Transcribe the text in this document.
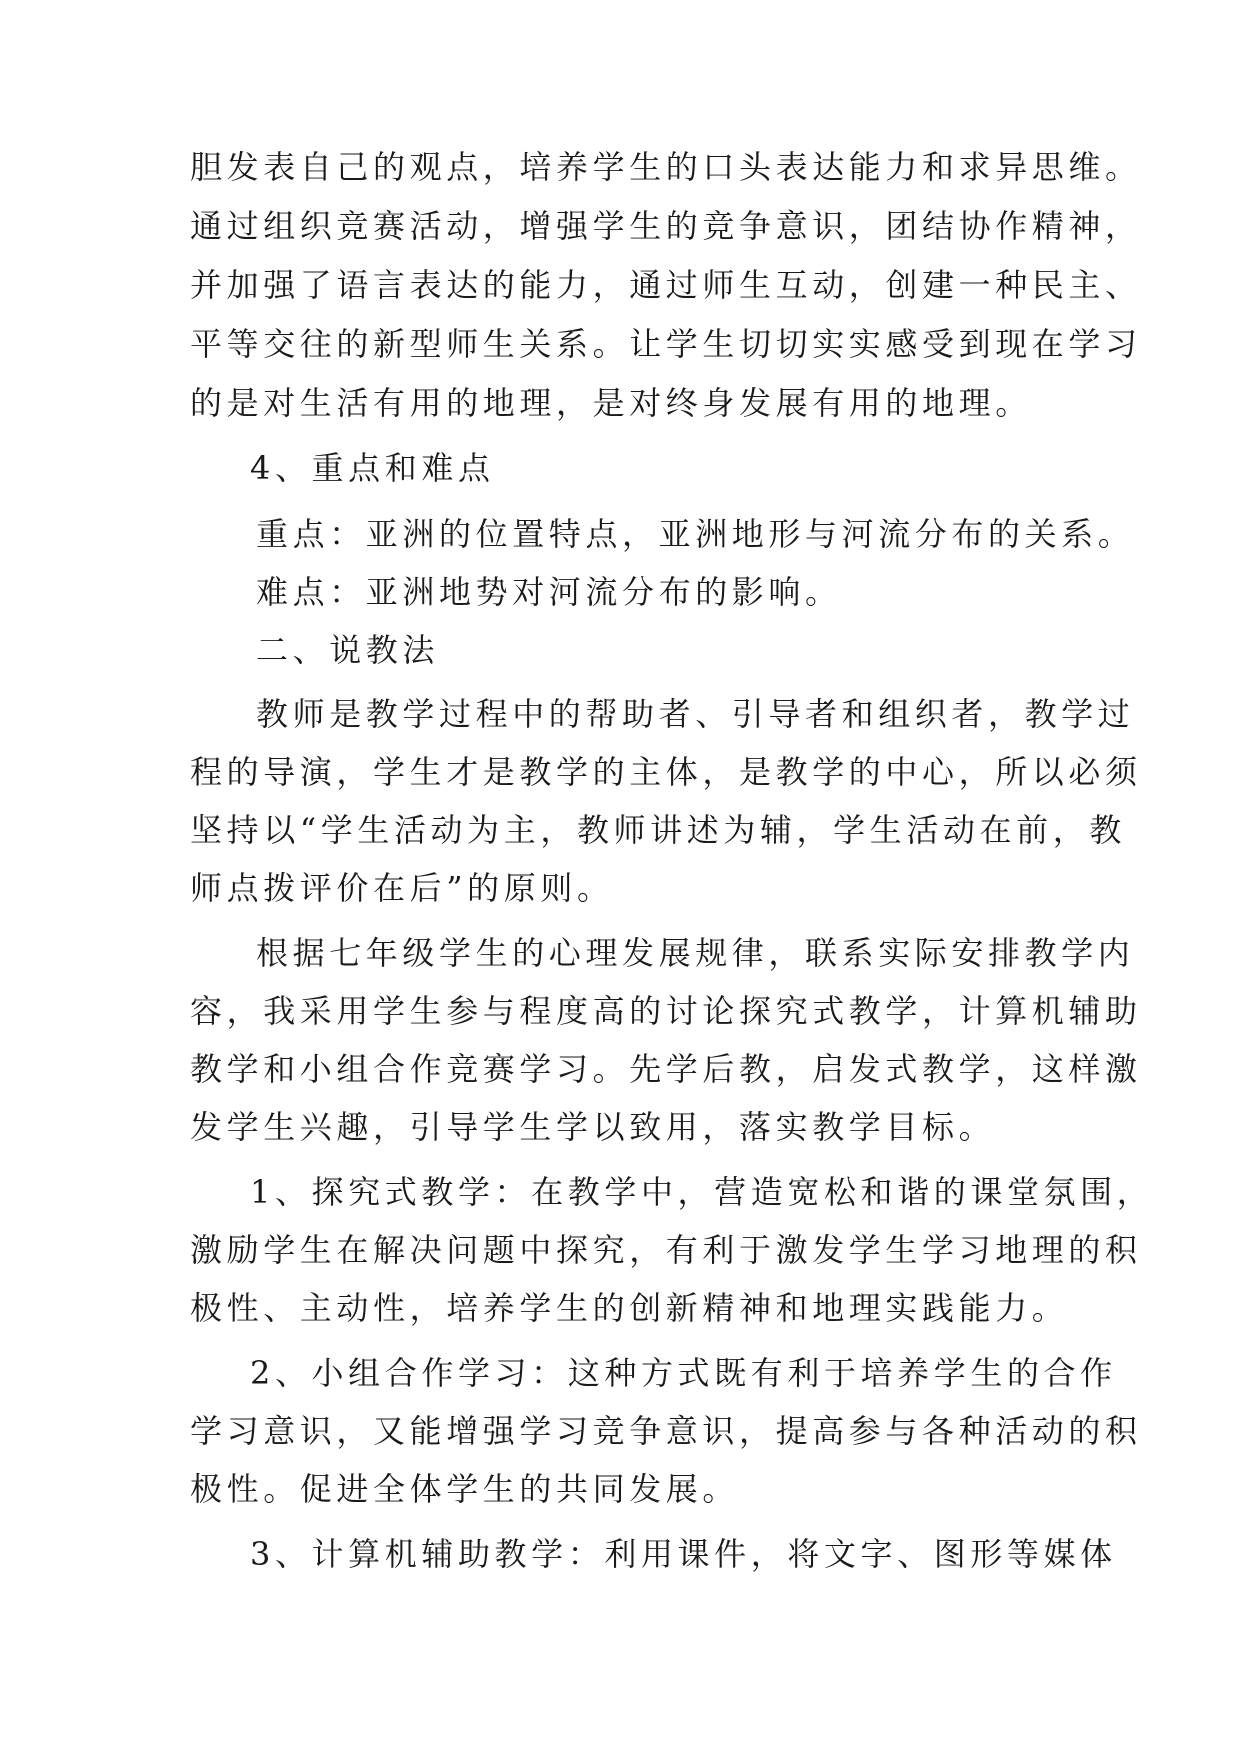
胆发表自己的观点，培养学生的口头表达能力和求异思维。
通过组织竞赛活动，增强学生的竞争意识，团结协作精神，
并加强了语言表达的能力，通过师生互动，创建一种民主、
平等交往的新型师生关系。让学生切切实实感受到现在学习
的是对生活有用的地理，是对终身发展有用的地理。
4、重点和难点
重点：亚洲的位置特点，亚洲地形与河流分布的关系。
难点：亚洲地势对河流分布的影响。
二、说教法
教师是教学过程中的帮助者、引导者和组织者，教学过
程的导演，学生才是教学的主体，是教学的中心，所以必须
坚持以“学生活动为主，教师讲述为辅，学生活动在前，教
师点拨评价在后”的原则。
根据七年级学生的心理发展规律，联系实际安排教学内
容，我采用学生参与程度高的讨论探究式教学，计算机辅助
教学和小组合作竞赛学习。先学后教，启发式教学，这样激
发学生兴趣，引导学生学以致用，落实教学目标。
1、探究式教学：在教学中，营造宽松和谐的课堂氛围，
激励学生在解决问题中探究，有利于激发学生学习地理的积
极性、主动性，培养学生的创新精神和地理实践能力。
2、小组合作学习：这种方式既有利于培养学生的合作
学习意识，又能增强学习竞争意识，提高参与各种活动的积
极性。促进全体学生的共同发展。
3、计算机辅助教学：利用课件，将文字、图形等媒体
